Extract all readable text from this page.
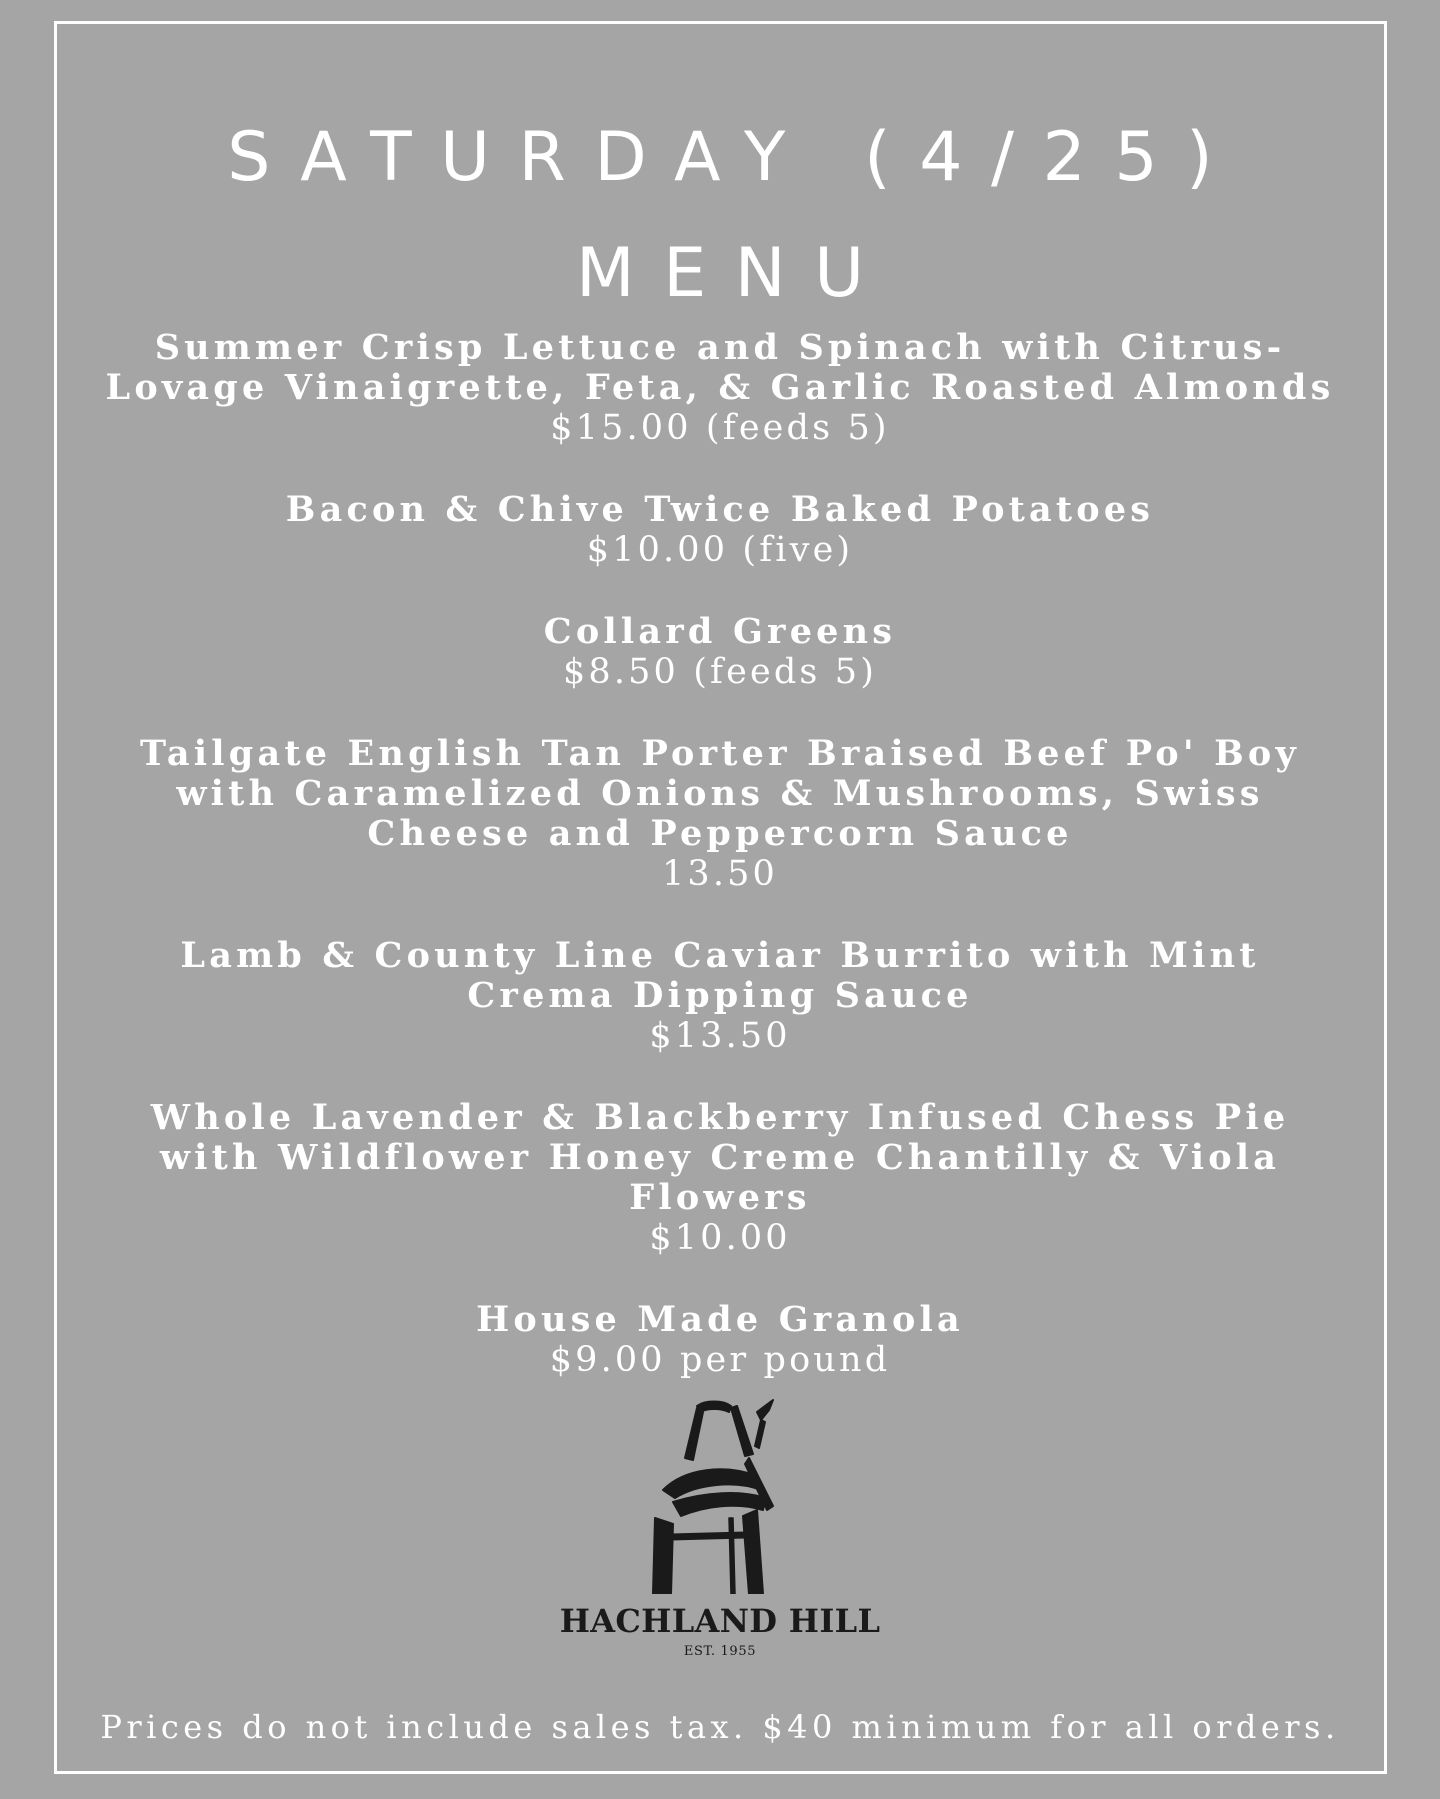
SATURDAY (4/25)
MENU
Summer Crisp Lettuce and Spinach with Citrus-Lovage Vinaigrette, Feta, & Garlic Roasted Almonds
$15.00 (feeds 5)
Bacon & Chive Twice Baked Potatoes
$10.00 (five)
Collard Greens
$8.50 (feeds 5)
Tailgate English Tan Porter Braised Beef Po' Boy with Caramelized Onions & Mushrooms, Swiss Cheese and Peppercorn Sauce
13.50
Lamb & County Line Caviar Burrito with Mint Crema Dipping Sauce
$13.50
Whole Lavender & Blackberry Infused Chess Pie with Wildflower Honey Creme Chantilly & Viola Flowers
$10.00
House Made Granola
$9.00 per pound
HACHLAND HILL
EST. 1955
Prices do not include sales tax. $40 minimum for all orders.
